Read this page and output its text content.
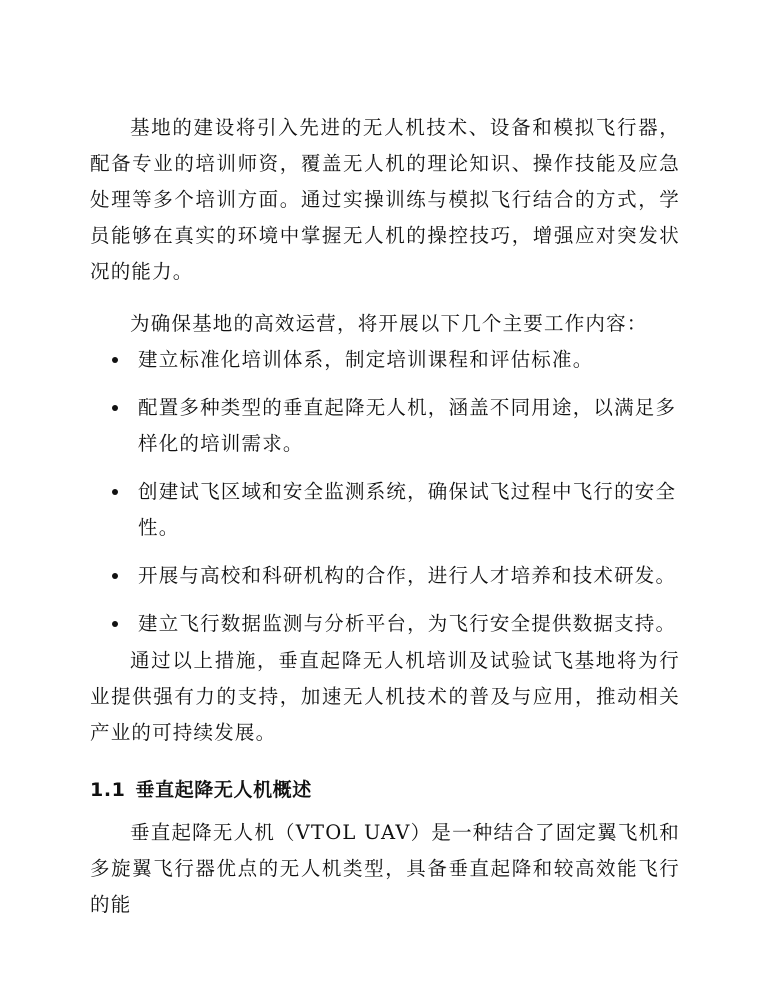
基地的建设将引入先进的无人机技术、设备和模拟飞行器，配备专业的培训师资，覆盖无人机的理论知识、操作技能及应急处理等多个培训方面。通过实操训练与模拟飞行结合的方式，学员能够在真实的环境中掌握无人机的操控技巧，增强应对突发状况的能力。

为确保基地的高效运营，将开展以下几个主要工作内容：

建立标准化培训体系，制定培训课程和评估标准。
配置多种类型的垂直起降无人机，涵盖不同用途，以满足多样化的培训需求。
创建试飞区域和安全监测系统，确保试飞过程中飞行的安全性。
开展与高校和科研机构的合作，进行人才培养和技术研发。
建立飞行数据监测与分析平台，为飞行安全提供数据支持。

通过以上措施，垂直起降无人机培训及试验试飞基地将为行业提供强有力的支持，加速无人机技术的普及与应用，推动相关产业的可持续发展。

1.1 垂直起降无人机概述

垂直起降无人机（VTOL UAV）是一种结合了固定翼飞机和多旋翼飞行器优点的无人机类型，具备垂直起降和较高效能飞行的能
